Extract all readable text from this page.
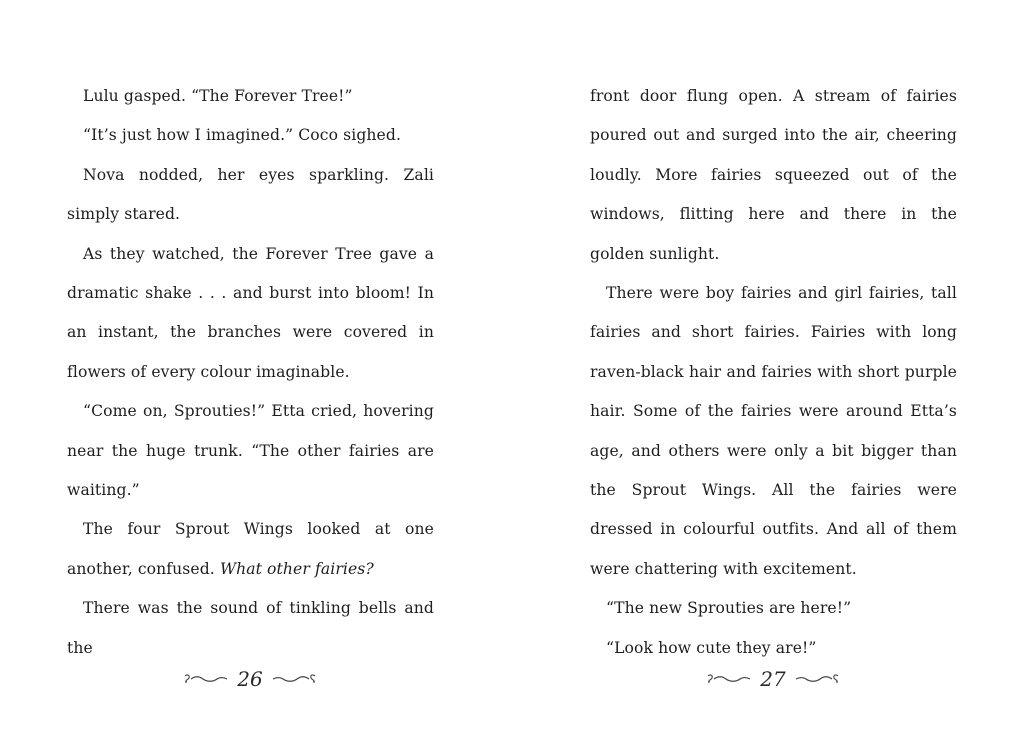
Lulu gasped. “The Forever Tree!”

“It’s just how I imagined.” Coco sighed.

Nova nodded, her eyes sparkling. Zali simply stared.

As they watched, the Forever Tree gave a dramatic shake . . . and burst into bloom! In an instant, the branches were covered in flowers of every colour imaginable.

“Come on, Sprouties!” Etta cried, hovering near the huge trunk. “The other fairies are waiting.”

The four Sprout Wings looked at one another, confused. What other fairies?

There was the sound of tinkling bells and the

26

front door flung open. A stream of fairies poured out and surged into the air, cheering loudly. More fairies squeezed out of the windows, flitting here and there in the golden sunlight.

There were boy fairies and girl fairies, tall fairies and short fairies. Fairies with long raven-black hair and fairies with short purple hair. Some of the fairies were around Etta’s age, and others were only a bit bigger than the Sprout Wings. All the fairies were dressed in colourful outfits. And all of them were chattering with excitement.

“The new Sprouties are here!”

“Look how cute they are!”

27
